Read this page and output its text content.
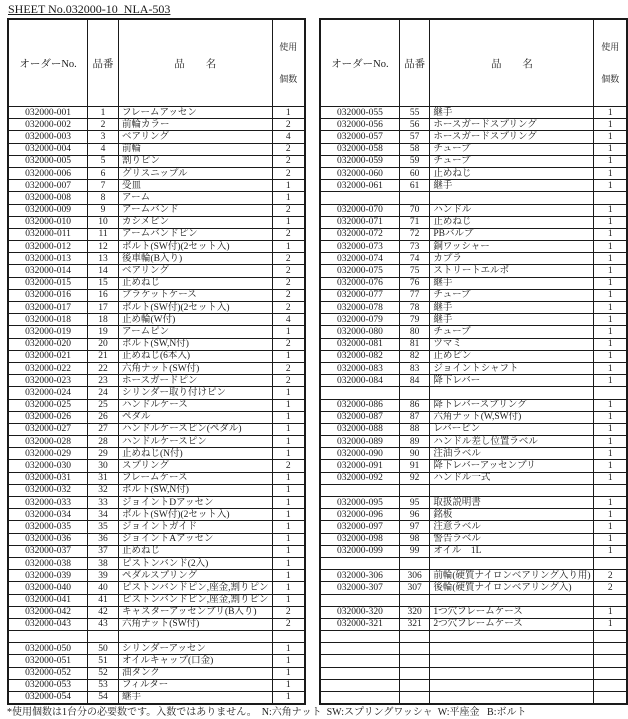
SHEET No.032000-10  NLA-503
オーダーNo.	品番	品　　名	使用

個数

032000-001	1	フレームアッセン	1
032000-002	2	前輪カラー	2
032000-003	3	ベアリング	4
032000-004	4	前輪	2
032000-005	5	割りピン	2
032000-006	6	グリスニップル	2
032000-007	7	受皿	1
032000-008	8	アーム	1
032000-009	9	アームバンド	2
032000-010	10	カシメピン	1
032000-011	11	アームバンドピン	2
032000-012	12	ボルト(SW付)(2セット入)	1
032000-013	13	後車輪(B入り)	2
032000-014	14	ベアリング	2
032000-015	15	止めねじ	2
032000-016	16	ブラケットケース	2
032000-017	17	ボルト(SW付)(2セット入)	2
032000-018	18	止め輪(W付)	4
032000-019	19	アームピン	1
032000-020	20	ボルト(SW,N付)	2
032000-021	21	止めねじ(6本入)	1
032000-022	22	六角ナット(SW付)	2
032000-023	23	ホースガードピン	2
032000-024	24	シリンダー取り付けピン	1
032000-025	25	ハンドルケース	1
032000-026	26	ペダル	1
032000-027	27	ハンドルケースピン(ペダル)	1
032000-028	28	ハンドルケースピン	1
032000-029	29	止めねじ(N付)	1
032000-030	30	スプリング	2
032000-031	31	フレームケース	1
032000-032	32	ボルト(SW,N付)	1
032000-033	33	ジョイントDアッセン	1
032000-034	34	ボルト(SW付)(2セット入)	1
032000-035	35	ジョイントガイド	1
032000-036	36	ジョイントAアッセン	1
032000-037	37	止めねじ	1
032000-038	38	ピストンバンド(2入)	1
032000-039	39	ペダルスプリング	1
032000-040	40	ピストンバンドピン,座金,割りピン	1
032000-041	41	ピストンバンドピン,座金,割りピン	1
032000-042	42	キャスターアッセンブリ(B入り)	2
032000-043	43	六角ナット(SW付)	2

032000-050	50	シリンダーアッセン	1
032000-051	51	オイルキャップ(口金)	1
032000-052	52	油タンク	1
032000-053	53	フィルター	1
032000-054	54	継手	1
オーダーNo.	品番	品　　名	使用

個数

032000-055	55	継手	1
032000-056	56	ホースガードスプリング	1
032000-057	57	ホースガードスプリング	1
032000-058	58	チューブ	1
032000-059	59	チューブ	1
032000-060	60	止めねじ	1
032000-061	61	継手	1

032000-070	70	ハンドル	1
032000-071	71	止めねじ	1
032000-072	72	PBバルブ	1
032000-073	73	銅ワッシャー	1
032000-074	74	カプラ	1
032000-075	75	ストリートエルボ	1
032000-076	76	継手	1
032000-077	77	チューブ	1
032000-078	78	継手	1
032000-079	79	継手	1
032000-080	80	チューブ	1
032000-081	81	ツマミ	1
032000-082	82	止めピン	1
032000-083	83	ジョイントシャフト	1
032000-084	84	降下レバー	1

032000-086	86	降下レバースプリング	1
032000-087	87	六角ナット(W,SW付)	1
032000-088	88	レバーピン	1
032000-089	89	ハンドル差し位置ラベル	1
032000-090	90	注油ラベル	1
032000-091	91	降下レバーアッセンブリ	1
032000-092	92	ハンドル一式	1

032000-095	95	取扱説明書	1
032000-096	96	銘板	1
032000-097	97	注意ラベル	1
032000-098	98	警告ラベル	1
032000-099	99	オイル　1L	1

032000-306	306	前輪(硬質ナイロンベアリング入り用)	2
032000-307	307	後輪(硬質ナイロンベアリング入)	2

032000-320	320	1つ穴フレームケース	1
032000-321	321	2つ穴フレームケース	1

*使用個数は1台分の必要数です。入数ではありません。  N:六角ナット  SW:スプリングワッシャ  W:平座金   B:ボルト
